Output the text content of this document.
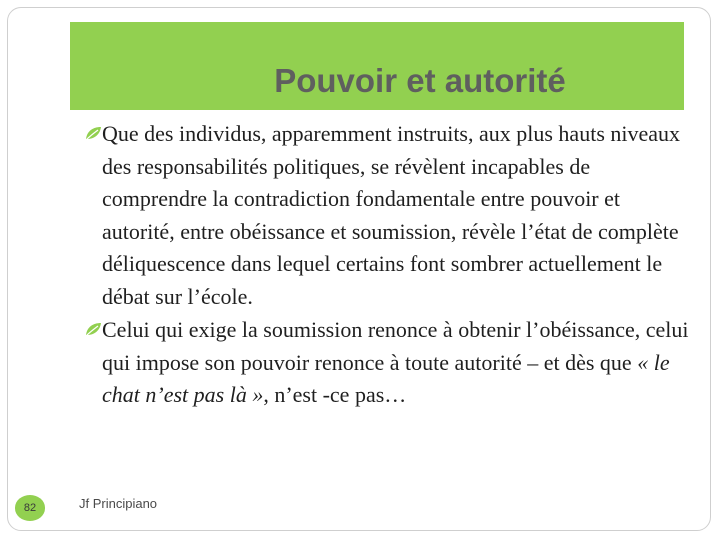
Pouvoir et autorité
Que des individus, apparemment instruits, aux plus hauts niveaux des responsabilités politiques, se révèlent incapables de comprendre la contradiction fondamentale entre pouvoir et autorité, entre obéissance et soumission, révèle l’état de complète déliquescence dans lequel certains font sombrer actuellement le débat sur l’école.
Celui qui exige la soumission renonce à obtenir l’obéissance, celui qui impose son pouvoir renonce à toute autorité – et dès que « le chat n’est pas là », n’est -ce pas…
82	Jf Principiano
